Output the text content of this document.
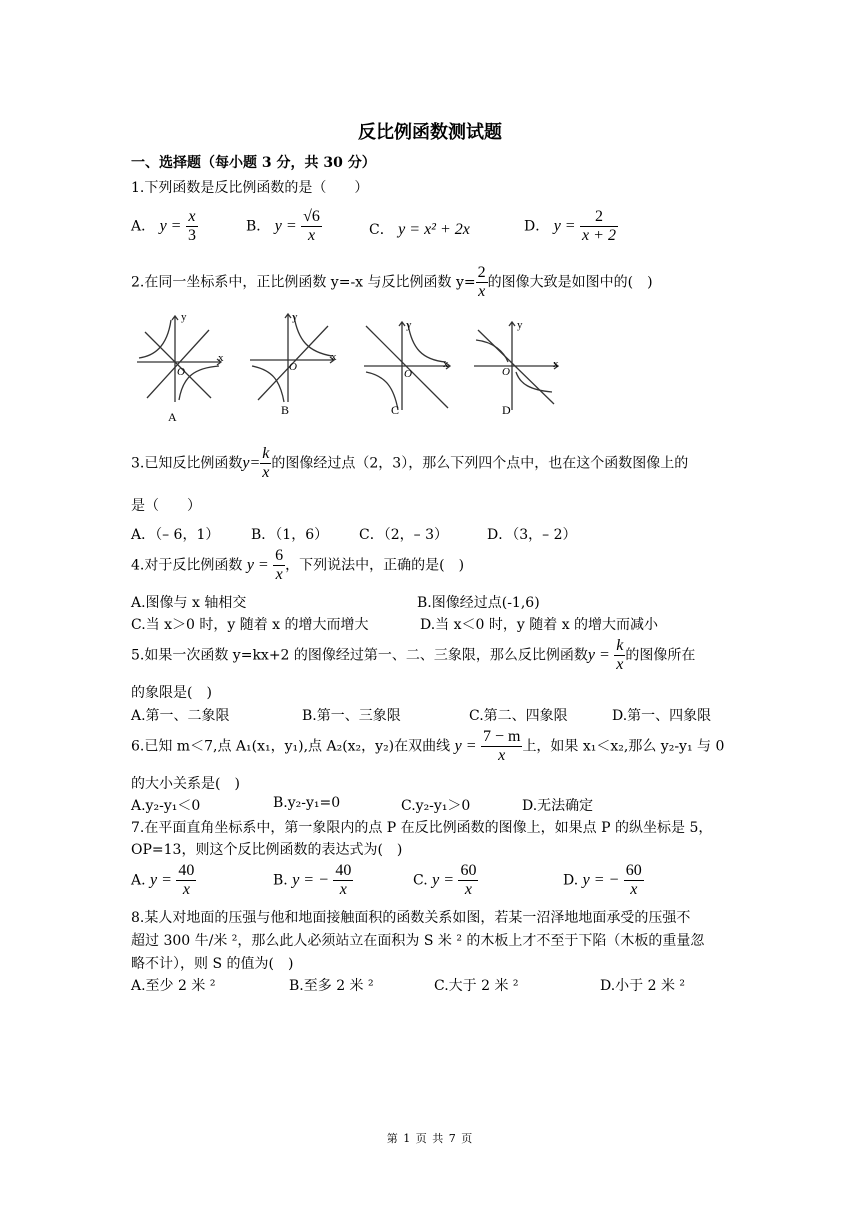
反比例函数测试题
一、选择题（每小题 3 分，共 30 分）
1.下列函数是反比例函数的是（　　）
A． $y = \frac{x}{3}$	B． $y = \frac{√6}{x}$	C． y = x² + 2x	D． $y = \frac{2}{x + 2}$
2.在同一坐标系中，正比例函数 y=-x 与反比例函数 $y= \frac{2}{x}$ 的图像大致是如图中的(　)
y
x
O
A
y
x
O
B
y
x
O
C
y
x
O
D
3.已知反比例函数$y= \frac{k}{x}$ 的图像经过点（2，3），那么下列四个点中，也在这个函数图像上的
是（　　）
A．（– 6，1） B．（1，6） C．（2，– 3）	D．（3，– 2）
4.对于反比例函数 $y = \frac{6}{x}$ ，下列说法中，正确的是(　)
A.图像与 x 轴相交	B.图像经过点(-1,6)
C.当 x＞0 时，y 随着 x 的增大而增大	D.当 x＜0 时，y 随着 x 的增大而减小
5.如果一次函数 y=kx+2 的图像经过第一、二、三象限，那么反比例函数$y = \frac{k}{x}$ 的图像所在
的象限是(　)
A.第一、二象限	B.第一、三象限	C.第二、四象限	D.第一、四象限
6.已知 m＜7,点 A₁(x₁，y₁),点 A₂(x₂，y₂)在双曲线 $y = \frac{7 - m}{x}$ 上，如果 x₁＜x₂,那么 y₂-y₁ 与 0
的大小关系是(　)
A.y₂-y₁＜0	B.y₂-y₁=0	C.y₂-y₁＞0	D.无法确定
7.在平面直角坐标系中，第一象限内的点 P 在反比例函数的图像上，如果点 P 的纵坐标是 5，
OP=13，则这个反比例函数的表达式为(　)
A. $y = \frac{40}{x}$	B. y = − $\frac{40}{x}$	C. $y = \frac{60}{x}$	D. y = − $\frac{60}{x}$
8.某人对地面的压强与他和地面接触面积的函数关系如图，若某一沼泽地地面承受的压强不
超过 300 牛/米 ²，那么此人必须站立在面积为 S 米 ² 的木板上才不至于下陷（木板的重量忽
略不计），则 S 的值为(　)
A.至少 2 米 ²	B.至多 2 米 ²	C.大于 2 米 ²	D.小于 2 米 ²
第 1 页 共 7 页
